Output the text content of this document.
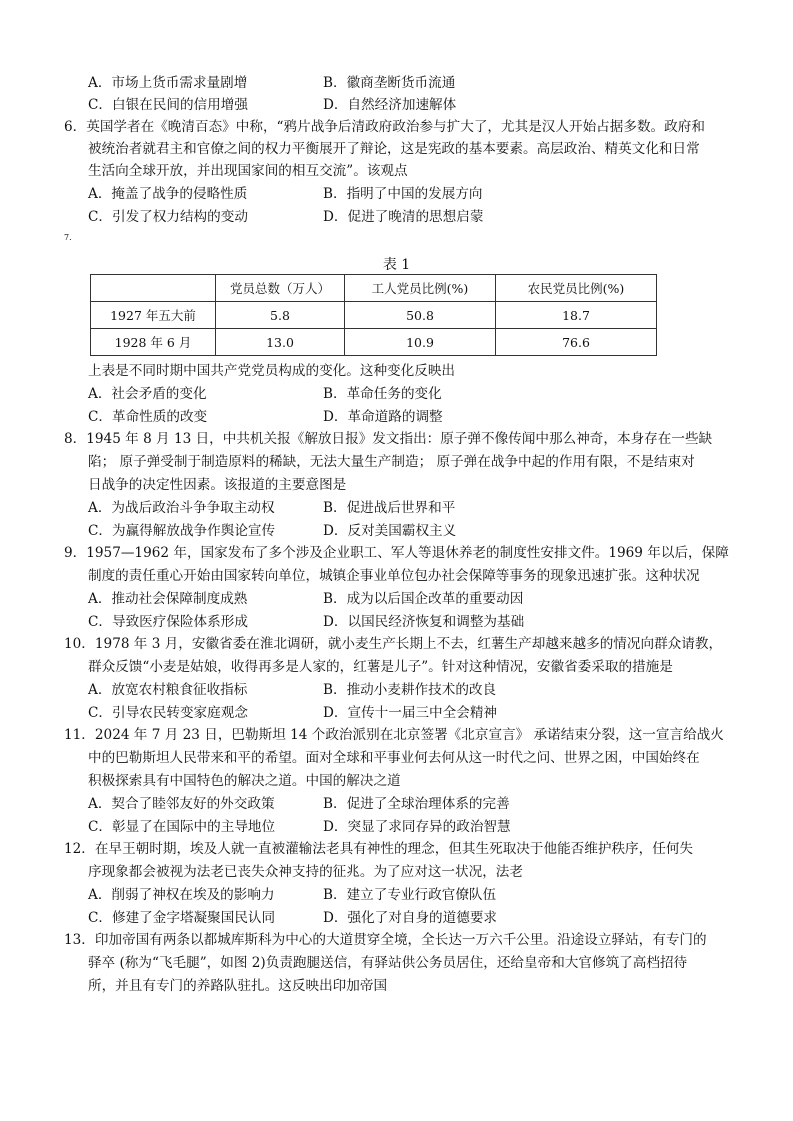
A．市场上货币需求量剧增	B．徽商垄断货币流通
C．白银在民间的信用增强	D．自然经济加速解体
6．英国学者在《晚清百态》中称，“鸦片战争后清政府政治参与扩大了，尤其是汉人开始占据多数。政府和
被统治者就君主和官僚之间的权力平衡展开了辩论，这是宪政的基本要素。高层政治、精英文化和日常
生活向全球开放，并出现国家间的相互交流”。该观点
A．掩盖了战争的侵略性质	B．指明了中国的发展方向
C．引发了权力结构的变动	D．促进了晚清的思想启蒙
7.
表 1
	党员总数（万人）	工人党员比例(%)	农民党员比例(%)
1927 年五大前	5.8	50.8	18.7
1928 年 6 月	13.0	10.9	76.6
上表是不同时期中国共产党党员构成的变化。这种变化反映出
A．社会矛盾的变化	B．革命任务的变化
C．革命性质的改变	D．革命道路的调整
8．1945 年 8 月 13 日，中共机关报《解放日报》发文指出：原子弹不像传闻中那么神奇，本身存在一些缺
陷； 原子弹受制于制造原料的稀缺，无法大量生产制造； 原子弹在战争中起的作用有限，不是结束对
日战争的决定性因素。该报道的主要意图是
A．为战后政治斗争争取主动权	B．促进战后世界和平
C．为赢得解放战争作舆论宣传	D．反对美国霸权主义
9．1957—1962 年，国家发布了多个涉及企业职工、军人等退休养老的制度性安排文件。1969 年以后，保障
制度的责任重心开始由国家转向单位，城镇企事业单位包办社会保障等事务的现象迅速扩张。这种状况
A．推动社会保障制度成熟	B．成为以后国企改革的重要动因
C．导致医疗保险体系形成	D．以国民经济恢复和调整为基础
10．1978 年 3 月，安徽省委在淮北调研，就小麦生产长期上不去，红薯生产却越来越多的情况向群众请教，
群众反馈“小麦是姑娘，收得再多是人家的，红薯是儿子”。针对这种情况，安徽省委采取的措施是
A．放宽农村粮食征收指标	B．推动小麦耕作技术的改良
C．引导农民转变家庭观念	D．宣传十一届三中全会精神
11．2024 年 7 月 23 日，巴勒斯坦 14 个政治派别在北京签署《北京宣言》 承诺结束分裂，这一宣言给战火
中的巴勒斯坦人民带来和平的希望。面对全球和平事业何去何从这一时代之问、世界之困，中国始终在
积极探索具有中国特色的解决之道。中国的解决之道
A．契合了睦邻友好的外交政策	B．促进了全球治理体系的完善
C．彰显了在国际中的主导地位	D．突显了求同存异的政治智慧
12．在早王朝时期，埃及人就一直被灌输法老具有神性的理念，但其生死取决于他能否维护秩序，任何失
序现象都会被视为法老已丧失众神支持的征兆。为了应对这一状况，法老
A．削弱了神权在埃及的影响力	B．建立了专业行政官僚队伍
C．修建了金字塔凝聚国民认同	D．强化了对自身的道德要求
13．印加帝国有两条以都城库斯科为中心的大道贯穿全境，全长达一万六千公里。沿途设立驿站，有专门的
驿卒 (称为“飞毛腿”，如图 2)负责跑腿送信，有驿站供公务员居住，还给皇帝和大官修筑了高档招待
所，并且有专门的养路队驻扎。这反映出印加帝国
